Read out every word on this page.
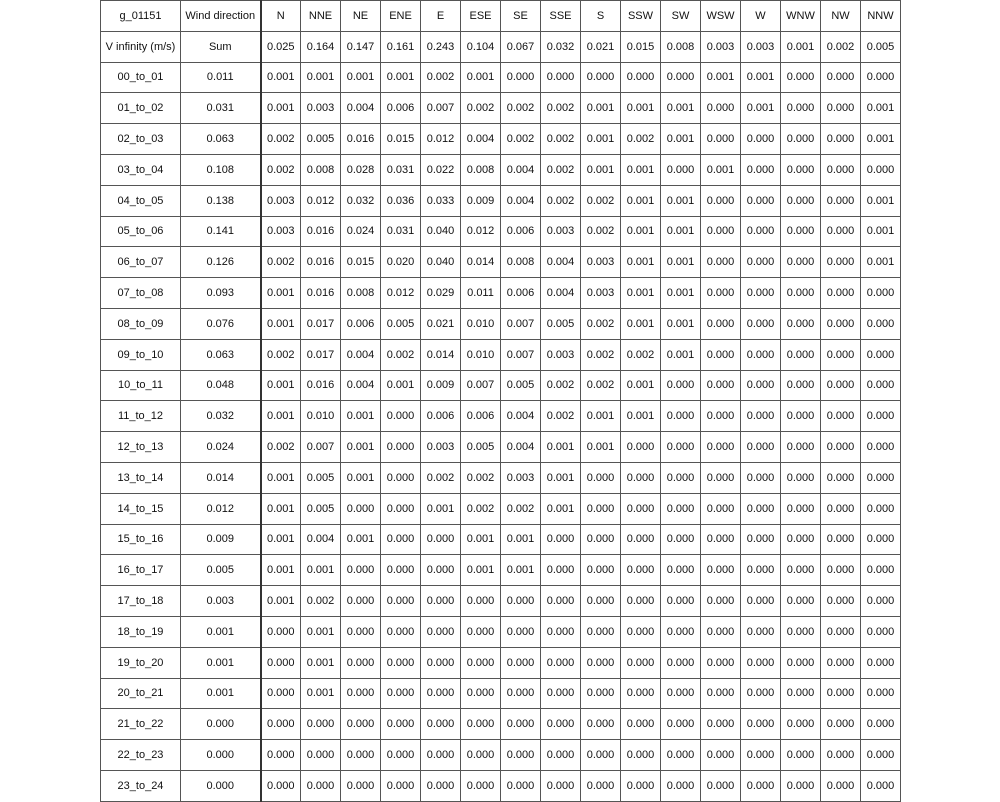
g_01151	Wind direction	N	NNE	NE	ENE	E	ESE	SE	SSE	S	SSW	SW	WSW	W	WNW	NW	NNW
V infinity (m/s)	Sum	0.025	0.164	0.147	0.161	0.243	0.104	0.067	0.032	0.021	0.015	0.008	0.003	0.003	0.001	0.002	0.005
00_to_01	0.011	0.001	0.001	0.001	0.001	0.002	0.001	0.000	0.000	0.000	0.000	0.000	0.001	0.001	0.000	0.000	0.000
01_to_02	0.031	0.001	0.003	0.004	0.006	0.007	0.002	0.002	0.002	0.001	0.001	0.001	0.000	0.001	0.000	0.000	0.001
02_to_03	0.063	0.002	0.005	0.016	0.015	0.012	0.004	0.002	0.002	0.001	0.002	0.001	0.000	0.000	0.000	0.000	0.001
03_to_04	0.108	0.002	0.008	0.028	0.031	0.022	0.008	0.004	0.002	0.001	0.001	0.000	0.001	0.000	0.000	0.000	0.000
04_to_05	0.138	0.003	0.012	0.032	0.036	0.033	0.009	0.004	0.002	0.002	0.001	0.001	0.000	0.000	0.000	0.000	0.001
05_to_06	0.141	0.003	0.016	0.024	0.031	0.040	0.012	0.006	0.003	0.002	0.001	0.001	0.000	0.000	0.000	0.000	0.001
06_to_07	0.126	0.002	0.016	0.015	0.020	0.040	0.014	0.008	0.004	0.003	0.001	0.001	0.000	0.000	0.000	0.000	0.001
07_to_08	0.093	0.001	0.016	0.008	0.012	0.029	0.011	0.006	0.004	0.003	0.001	0.001	0.000	0.000	0.000	0.000	0.000
08_to_09	0.076	0.001	0.017	0.006	0.005	0.021	0.010	0.007	0.005	0.002	0.001	0.001	0.000	0.000	0.000	0.000	0.000
09_to_10	0.063	0.002	0.017	0.004	0.002	0.014	0.010	0.007	0.003	0.002	0.002	0.001	0.000	0.000	0.000	0.000	0.000
10_to_11	0.048	0.001	0.016	0.004	0.001	0.009	0.007	0.005	0.002	0.002	0.001	0.000	0.000	0.000	0.000	0.000	0.000
11_to_12	0.032	0.001	0.010	0.001	0.000	0.006	0.006	0.004	0.002	0.001	0.001	0.000	0.000	0.000	0.000	0.000	0.000
12_to_13	0.024	0.002	0.007	0.001	0.000	0.003	0.005	0.004	0.001	0.001	0.000	0.000	0.000	0.000	0.000	0.000	0.000
13_to_14	0.014	0.001	0.005	0.001	0.000	0.002	0.002	0.003	0.001	0.000	0.000	0.000	0.000	0.000	0.000	0.000	0.000
14_to_15	0.012	0.001	0.005	0.000	0.000	0.001	0.002	0.002	0.001	0.000	0.000	0.000	0.000	0.000	0.000	0.000	0.000
15_to_16	0.009	0.001	0.004	0.001	0.000	0.000	0.001	0.001	0.000	0.000	0.000	0.000	0.000	0.000	0.000	0.000	0.000
16_to_17	0.005	0.001	0.001	0.000	0.000	0.000	0.001	0.001	0.000	0.000	0.000	0.000	0.000	0.000	0.000	0.000	0.000
17_to_18	0.003	0.001	0.002	0.000	0.000	0.000	0.000	0.000	0.000	0.000	0.000	0.000	0.000	0.000	0.000	0.000	0.000
18_to_19	0.001	0.000	0.001	0.000	0.000	0.000	0.000	0.000	0.000	0.000	0.000	0.000	0.000	0.000	0.000	0.000	0.000
19_to_20	0.001	0.000	0.001	0.000	0.000	0.000	0.000	0.000	0.000	0.000	0.000	0.000	0.000	0.000	0.000	0.000	0.000
20_to_21	0.001	0.000	0.001	0.000	0.000	0.000	0.000	0.000	0.000	0.000	0.000	0.000	0.000	0.000	0.000	0.000	0.000
21_to_22	0.000	0.000	0.000	0.000	0.000	0.000	0.000	0.000	0.000	0.000	0.000	0.000	0.000	0.000	0.000	0.000	0.000
22_to_23	0.000	0.000	0.000	0.000	0.000	0.000	0.000	0.000	0.000	0.000	0.000	0.000	0.000	0.000	0.000	0.000	0.000
23_to_24	0.000	0.000	0.000	0.000	0.000	0.000	0.000	0.000	0.000	0.000	0.000	0.000	0.000	0.000	0.000	0.000	0.000
